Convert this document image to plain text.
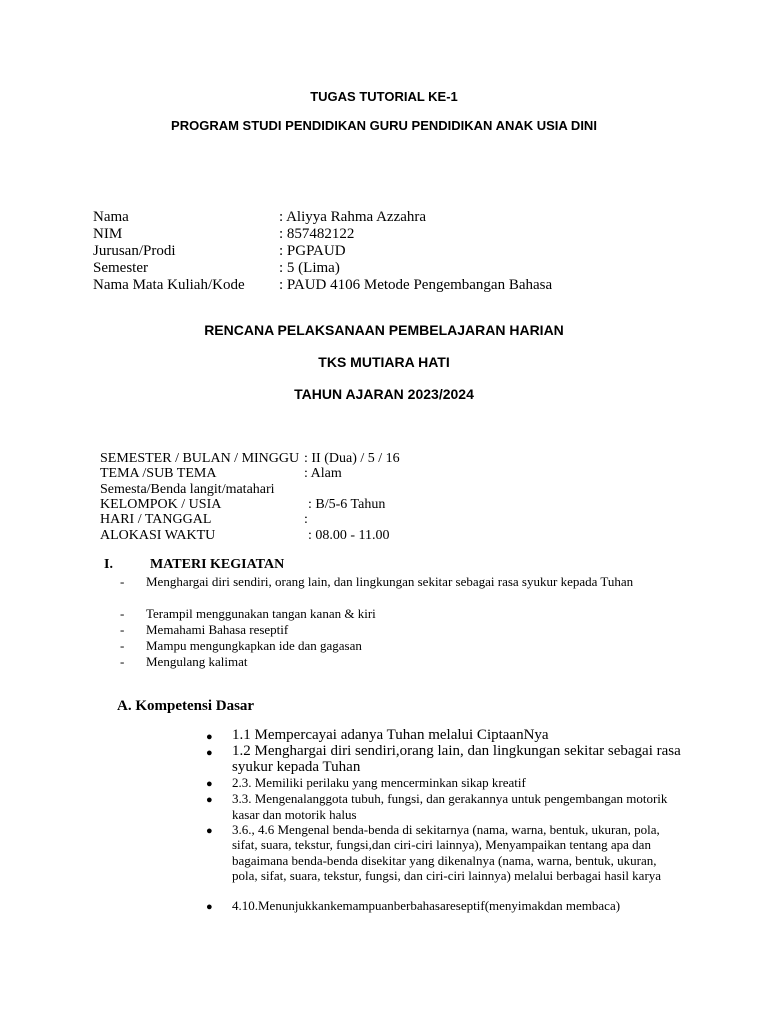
TUGAS TUTORIAL KE-1
PROGRAM STUDI PENDIDIKAN GURU PENDIDIKAN ANAK USIA DINI
Nama	: Aliyya Rahma Azzahra
NIM	: 857482122
Jurusan/Prodi	: PGPAUD
Semester	: 5 (Lima)
Nama Mata Kuliah/Kode : PAUD 4106 Metode Pengembangan Bahasa
RENCANA PELAKSANAAN PEMBELAJARAN HARIAN
TKS MUTIARA HATI
TAHUN AJARAN 2023/2024
SEMESTER / BULAN / MINGGU : II (Dua) / 5 / 16
TEMA /SUB TEMA	: Alam
Semesta/Benda langit/matahari
KELOMPOK / USIA	: B/5-6 Tahun
HARI / TANGGAL	:
ALOKASI WAKTU	: 08.00 - 11.00
I.	MATERI KEGIATAN
- Menghargai diri sendiri, orang lain, dan lingkungan sekitar sebagai rasa syukur kepada Tuhan
- Terampil menggunakan tangan kanan & kiri
- Memahami Bahasa reseptif
- Mampu mengungkapkan ide dan gagasan
- Mengulang kalimat
A. Kompetensi Dasar
● 1.1 Mempercayai adanya Tuhan melalui CiptaanNya
● 1.2 Menghargai diri sendiri,orang lain, dan lingkungan sekitar sebagai rasa syukur kepada Tuhan
● 2.3. Memiliki perilaku yang mencerminkan sikap kreatif
● 3.3. Mengenalanggota tubuh, fungsi, dan gerakannya untuk pengembangan motorik kasar dan motorik halus
● 3.6., 4.6 Mengenal benda-benda di sekitarnya (nama, warna, bentuk, ukuran, pola, sifat, suara, tekstur, fungsi,dan ciri-ciri lainnya), Menyampaikan tentang apa dan bagaimana benda-benda disekitar yang dikenalnya (nama, warna, bentuk, ukuran, pola, sifat, suara, tekstur, fungsi, dan ciri-ciri lainnya) melalui berbagai hasil karya
● 4.10.Menunjukkankemampuanberbahasareseptif(menyimakdan membaca)
